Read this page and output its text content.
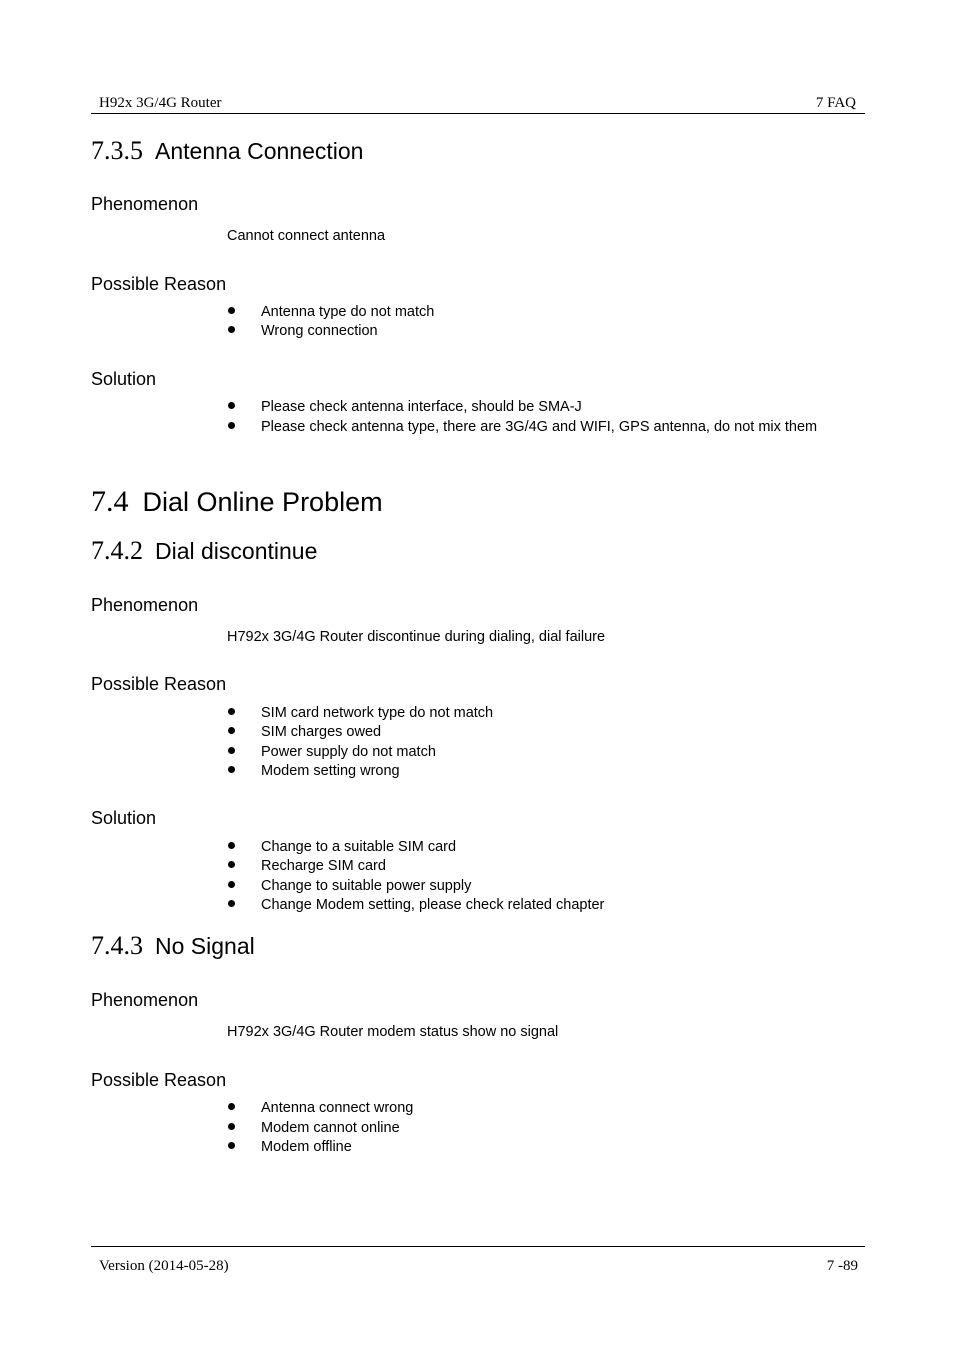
H92x 3G/4G Router	7 FAQ
7.3.5 Antenna Connection
Phenomenon
Cannot connect antenna
Possible Reason
Antenna type do not match
Wrong connection
Solution
Please check antenna interface, should be SMA-J
Please check antenna type, there are 3G/4G and WIFI, GPS antenna, do not mix them
7.4 Dial Online Problem
7.4.2 Dial discontinue
Phenomenon
H792x 3G/4G Router discontinue during dialing, dial failure
Possible Reason
SIM card network type do not match
SIM charges owed
Power supply do not match
Modem setting wrong
Solution
Change to a suitable SIM card
Recharge SIM card
Change to suitable power supply
Change Modem setting, please check related chapter
7.4.3 No Signal
Phenomenon
H792x 3G/4G Router modem status show no signal
Possible Reason
Antenna connect wrong
Modem cannot online
Modem offline
Version (2014-05-28)	7 -89
